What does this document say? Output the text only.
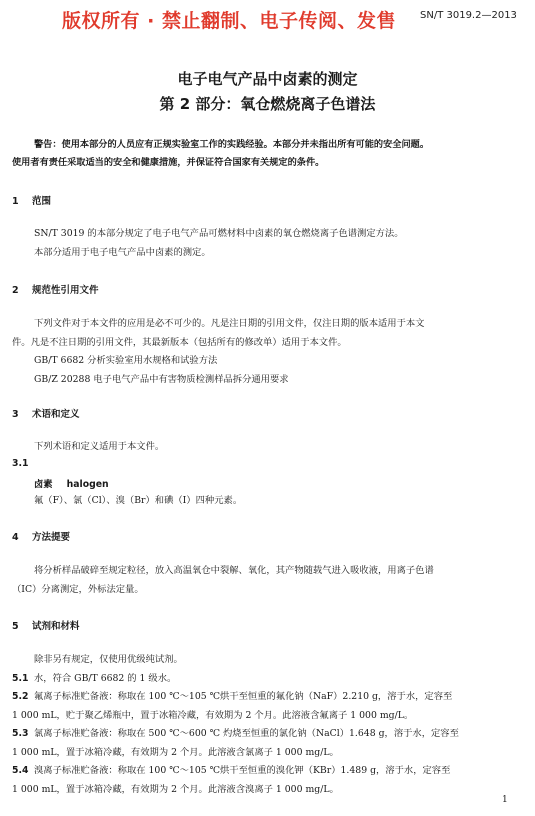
版权所有 · 禁止翻制、电子传阅、发售 SN/T 3019.2—2013
电子电气产品中卤素的测定
第 2 部分：氧仓燃烧离子色谱法

警告：使用本部分的人员应有正规实验室工作的实践经验。本部分并未指出所有可能的安全问题。

使用者有责任采取适当的安全和健康措施，并保证符合国家有关规定的条件。

1 范围

SN/T 3019 的本部分规定了电子电气产品可燃材料中卤素的氧仓燃烧离子色谱测定方法。

本部分适用于电子电气产品中卤素的测定。

2 规范性引用文件

下列文件对于本文件的应用是必不可少的。凡是注日期的引用文件，仅注日期的版本适用于本文

件。凡是不注日期的引用文件，其最新版本（包括所有的修改单）适用于本文件。

GB/T 6682 分析实验室用水规格和试验方法

GB/Z 20288 电子电气产品中有害物质检测样品拆分通用要求

3 术语和定义

下列术语和定义适用于本文件。

3.1
卤素 halogen
氟（F）、氯（Cl）、溴（Br）和碘（I）四种元素。
4 方法提要

将分析样品破碎至规定粒径，放入高温氧仓中裂解、氧化，其产物随载气进入吸收液，用离子色谱

（IC）分离测定，外标法定量。

5 试剂和材料

除非另有规定，仅使用优级纯试剂。

5.1 水，符合 GB/T 6682 的 1 级水。

5.2 氟离子标准贮备液：称取在 100 ℃～105 ℃烘干至恒重的氟化钠（NaF）2.210 g，溶于水，定容至

1 000 mL，贮于聚乙烯瓶中，置于冰箱冷藏，有效期为 2 个月。此溶液含氟离子 1 000 mg/L。

5.3 氯离子标准贮备液：称取在 500 ℃～600 ℃ 灼烧至恒重的氯化钠（NaCl）1.648 g，溶于水，定容至

1 000 mL，置于冰箱冷藏，有效期为 2 个月。此溶液含氯离子 1 000 mg/L。

5.4 溴离子标准贮备液：称取在 100 ℃～105 ℃烘干至恒重的溴化钾（KBr）1.489 g，溶于水，定容至

1 000 mL，置于冰箱冷藏，有效期为 2 个月。此溶液含溴离子 1 000 mg/L。

1
